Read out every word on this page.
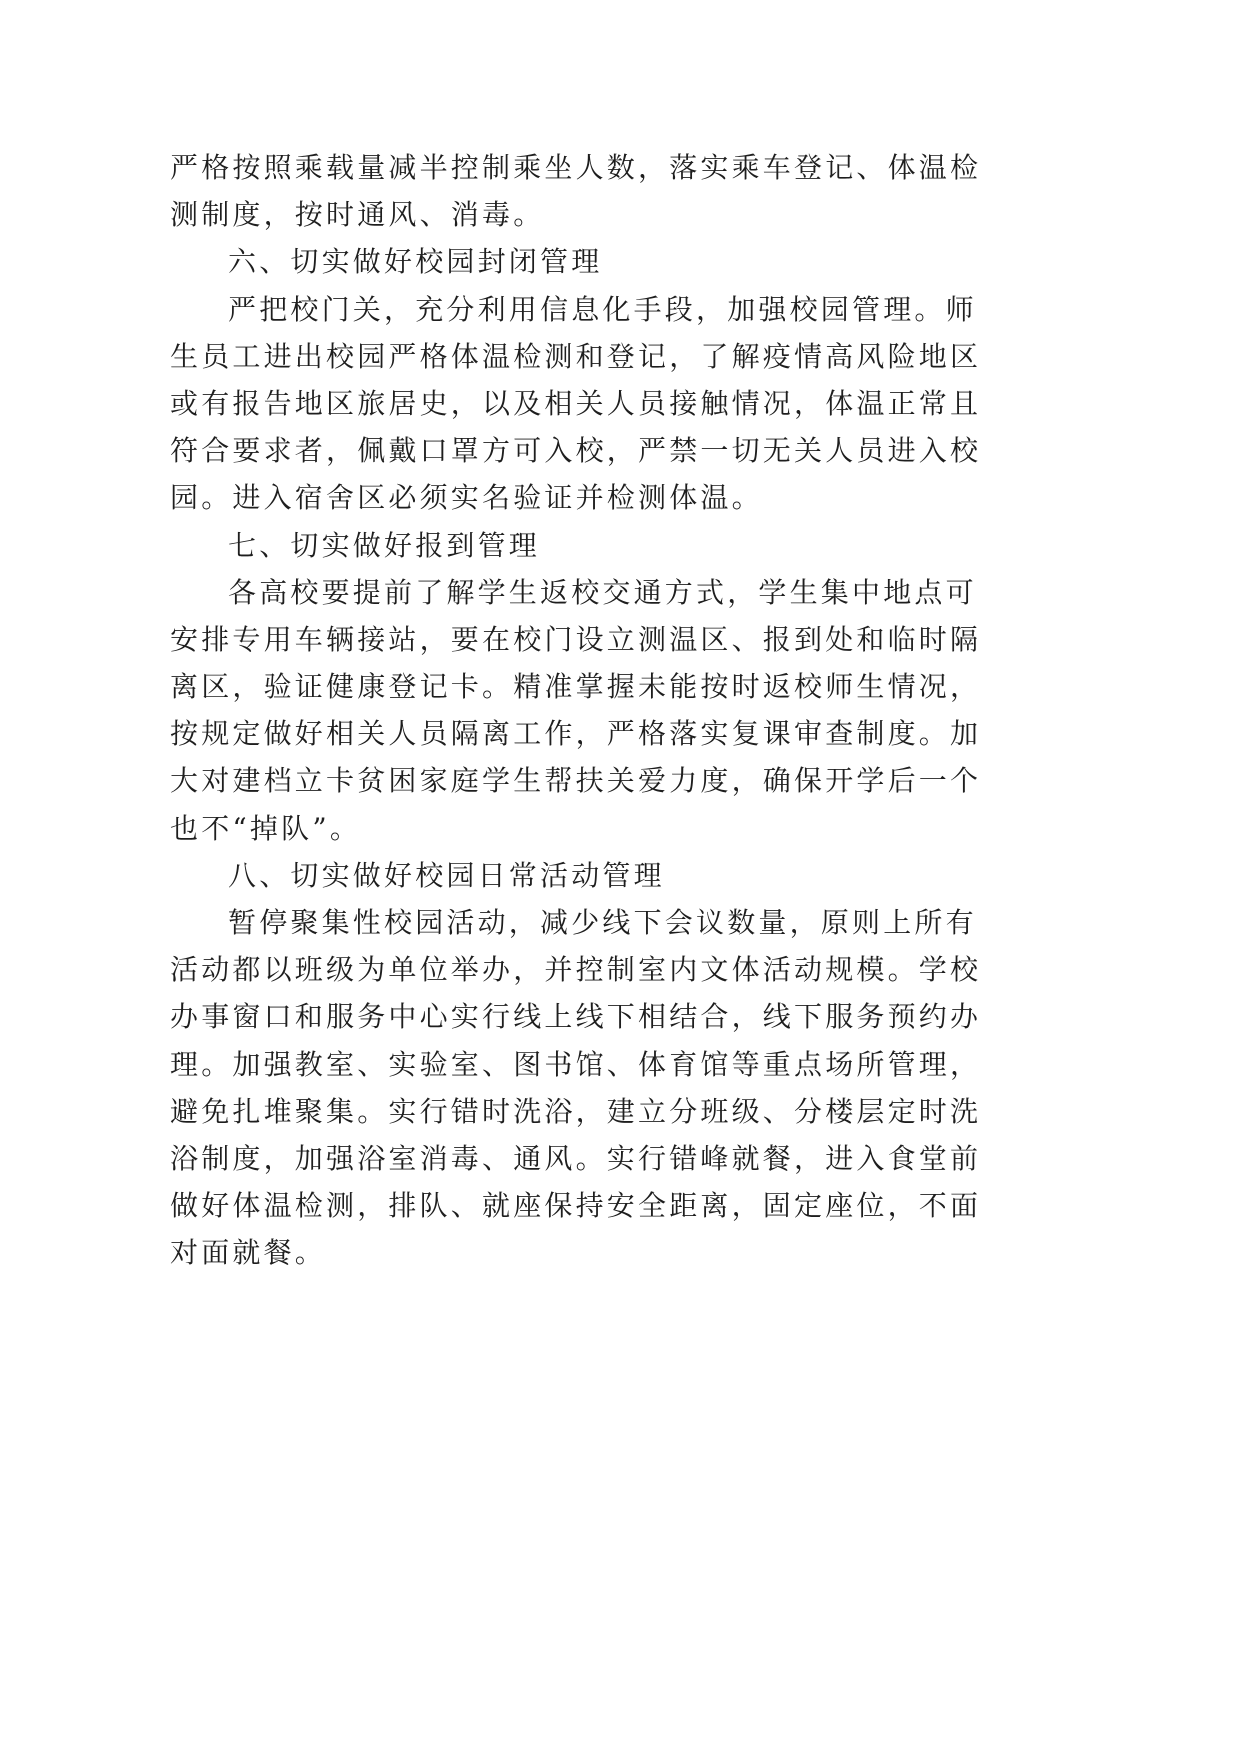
严格按照乘载量减半控制乘坐人数，落实乘车登记、体温检
测制度，按时通风、消毒。
六、切实做好校园封闭管理
严把校门关，充分利用信息化手段，加强校园管理。师
生员工进出校园严格体温检测和登记，了解疫情高风险地区
或有报告地区旅居史，以及相关人员接触情况，体温正常且
符合要求者，佩戴口罩方可入校，严禁一切无关人员进入校
园。进入宿舍区必须实名验证并检测体温。
七、切实做好报到管理
各高校要提前了解学生返校交通方式，学生集中地点可
安排专用车辆接站，要在校门设立测温区、报到处和临时隔
离区，验证健康登记卡。精准掌握未能按时返校师生情况，
按规定做好相关人员隔离工作，严格落实复课审查制度。加
大对建档立卡贫困家庭学生帮扶关爱力度，确保开学后一个
也不“掉队”。
八、切实做好校园日常活动管理
暂停聚集性校园活动，减少线下会议数量，原则上所有
活动都以班级为单位举办，并控制室内文体活动规模。学校
办事窗口和服务中心实行线上线下相结合，线下服务预约办
理。加强教室、实验室、图书馆、体育馆等重点场所管理，
避免扎堆聚集。实行错时洗浴，建立分班级、分楼层定时洗
浴制度，加强浴室消毒、通风。实行错峰就餐，进入食堂前
做好体温检测，排队、就座保持安全距离，固定座位，不面
对面就餐。
